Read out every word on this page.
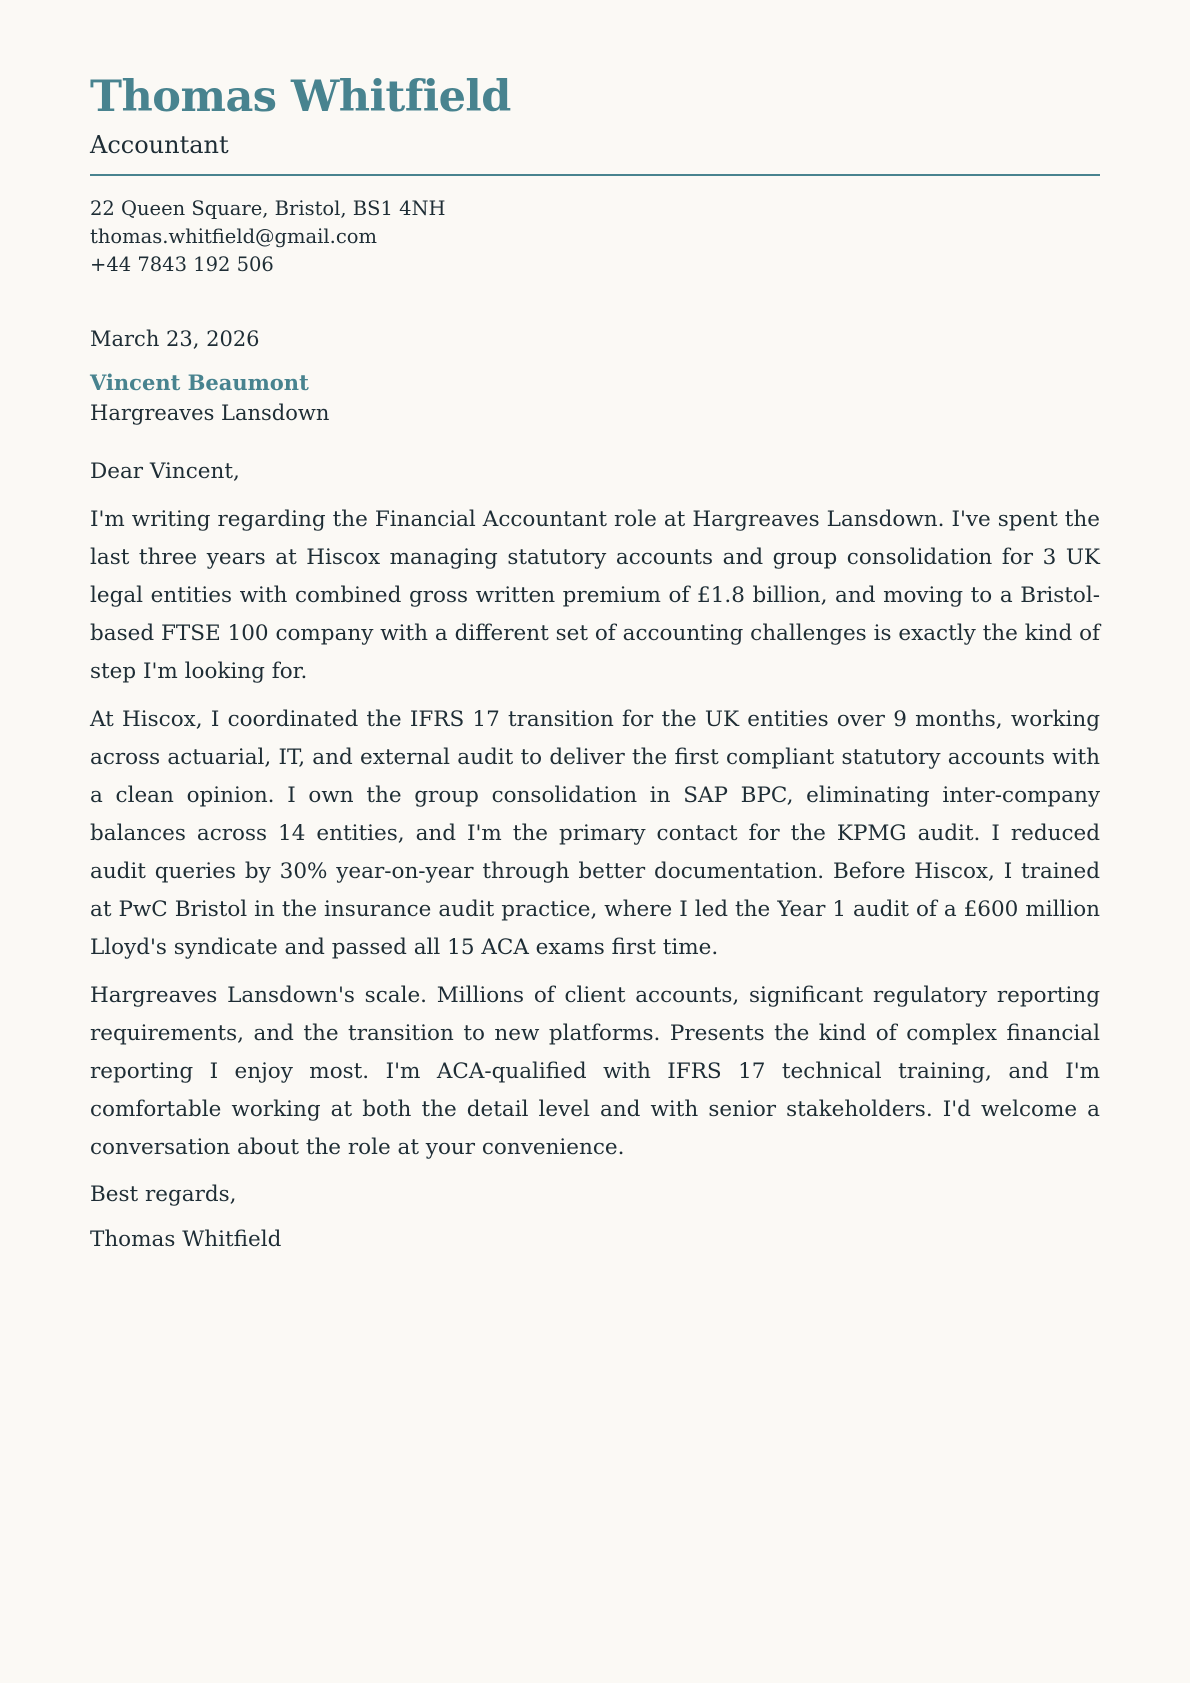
Thomas Whitfield
Accountant
22 Queen Square, Bristol, BS1 4NH
thomas.whitfield@gmail.com
+44 7843 192 506
March 23, 2026
Vincent Beaumont
Hargreaves Lansdown

Dear Vincent,

I'm writing regarding the Financial Accountant role at Hargreaves Lansdown. I've spent the last three years at Hiscox managing statutory accounts and group consolidation for 3 UK legal entities with combined gross written premium of £1.8 billion, and moving to a Bristol-based FTSE 100 company with a different set of accounting challenges is exactly the kind of step I'm looking for.

At Hiscox, I coordinated the IFRS 17 transition for the UK entities over 9 months, working across actuarial, IT, and external audit to deliver the first compliant statutory accounts with a clean opinion. I own the group consolidation in SAP BPC, eliminating inter-company balances across 14 entities, and I'm the primary contact for the KPMG audit. I reduced audit queries by 30% year-on-year through better documentation. Before Hiscox, I trained at PwC Bristol in the insurance audit practice, where I led the Year 1 audit of a £600 million Lloyd's syndicate and passed all 15 ACA exams first time.

Hargreaves Lansdown's scale. Millions of client accounts, significant regulatory reporting requirements, and the transition to new platforms. Presents the kind of complex financial reporting I enjoy most. I'm ACA-qualified with IFRS 17 technical training, and I'm comfortable working at both the detail level and with senior stakeholders. I'd welcome a conversation about the role at your convenience.

Best regards,

Thomas Whitfield
